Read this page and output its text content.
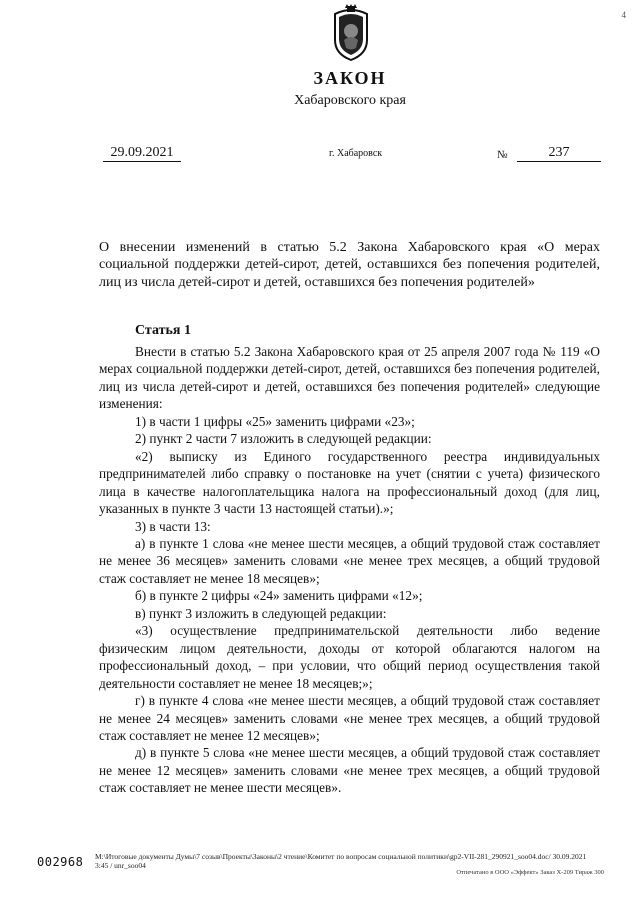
4
ЗАКОН
Хабаровского края
29.09.2021	г. Хабаровск	№	237
О внесении изменений в статью 5.2 Закона Хабаровского края «О мерах
социальной поддержки детей-сирот, детей, оставшихся без попечения родителей,
лиц из числа детей-сирот и детей, оставшихся без попечения родителей»
Статья 1

Внести в статью 5.2 Закона Хабаровского края от 25 апреля 2007 года № 119 «О мерах социальной поддержки детей-сирот, детей, оставшихся без попечения родителей, лиц из числа детей-сирот и детей, оставшихся без попечения родителей» следующие изменения:

1) в части 1 цифры «25» заменить цифрами «23»;

2) пункт 2 части 7 изложить в следующей редакции:

«2) выписку из Единого государственного реестра индивидуальных предпринимателей либо справку о постановке на учет (снятии с учета) физического лица в качестве налогоплательщика налога на профессиональный доход (для лиц, указанных в пункте 3 части 13 настоящей статьи).»;

3) в части 13:

а) в пункте 1 слова «не менее шести месяцев, а общий трудовой стаж составляет не менее 36 месяцев» заменить словами «не менее трех месяцев, а общий трудовой стаж составляет не менее 18 месяцев»;

б) в пункте 2 цифры «24» заменить цифрами «12»;

в) пункт 3 изложить в следующей редакции:

«3) осуществление предпринимательской деятельности либо ведение физическим лицом деятельности, доходы от которой облагаются налогом на профессиональный доход, – при условии, что общий период осуществления такой деятельности составляет не менее 18 месяцев;»;

г) в пункте 4 слова «не менее шести месяцев, а общий трудовой стаж составляет не менее 24 месяцев» заменить словами «не менее трех месяцев, а общий трудовой стаж составляет не менее 12 месяцев»;

д) в пункте 5 слова «не менее шести месяцев, а общий трудовой стаж составляет не менее 12 месяцев» заменить словами «не менее трех месяцев, а общий трудовой стаж составляет не менее шести месяцев».

002968 M:\Итоговые документы Думы\7 созыв\Проекты\Законы\2 чтение\Комитет по вопросам социальной политики\gp2-VII-281_290921_soo04.doc/ 30.09.2021
3:45 / unr_soo04
Отпечатано в ООО «Эффект» Заказ Х-209 Тираж 300
